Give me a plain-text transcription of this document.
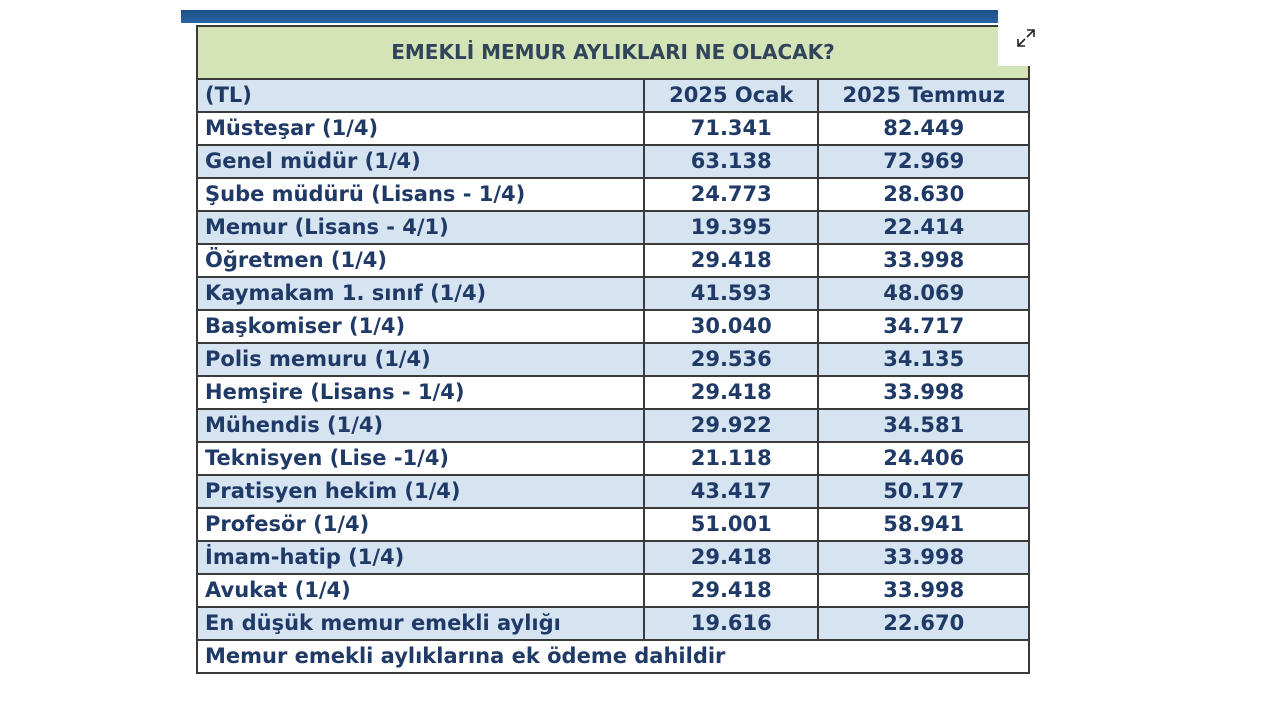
EMEKLİ MEMUR AYLIKLARI NE OLACAK?		
(TL)	2025 Ocak	2025 Temmuz
Müsteşar (1/4)	71.341	82.449
Genel müdür (1/4)	63.138	72.969
Şube müdürü (Lisans - 1/4)	24.773	28.630
Memur (Lisans - 4/1)	19.395	22.414
Öğretmen (1/4)	29.418	33.998
Kaymakam 1. sınıf (1/4)	41.593	48.069
Başkomiser (1/4)	30.040	34.717
Polis memuru (1/4)	29.536	34.135
Hemşire (Lisans - 1/4)	29.418	33.998
Mühendis (1/4)	29.922	34.581
Teknisyen (Lise -1/4)	21.118	24.406
Pratisyen hekim (1/4)	43.417	50.177
Profesör (1/4)	51.001	58.941
İmam-hatip (1/4)	29.418	33.998
Avukat (1/4)	29.418	33.998
En düşük memur emekli aylığı	19.616	22.670
Memur emekli aylıklarına ek ödeme dahildir		
